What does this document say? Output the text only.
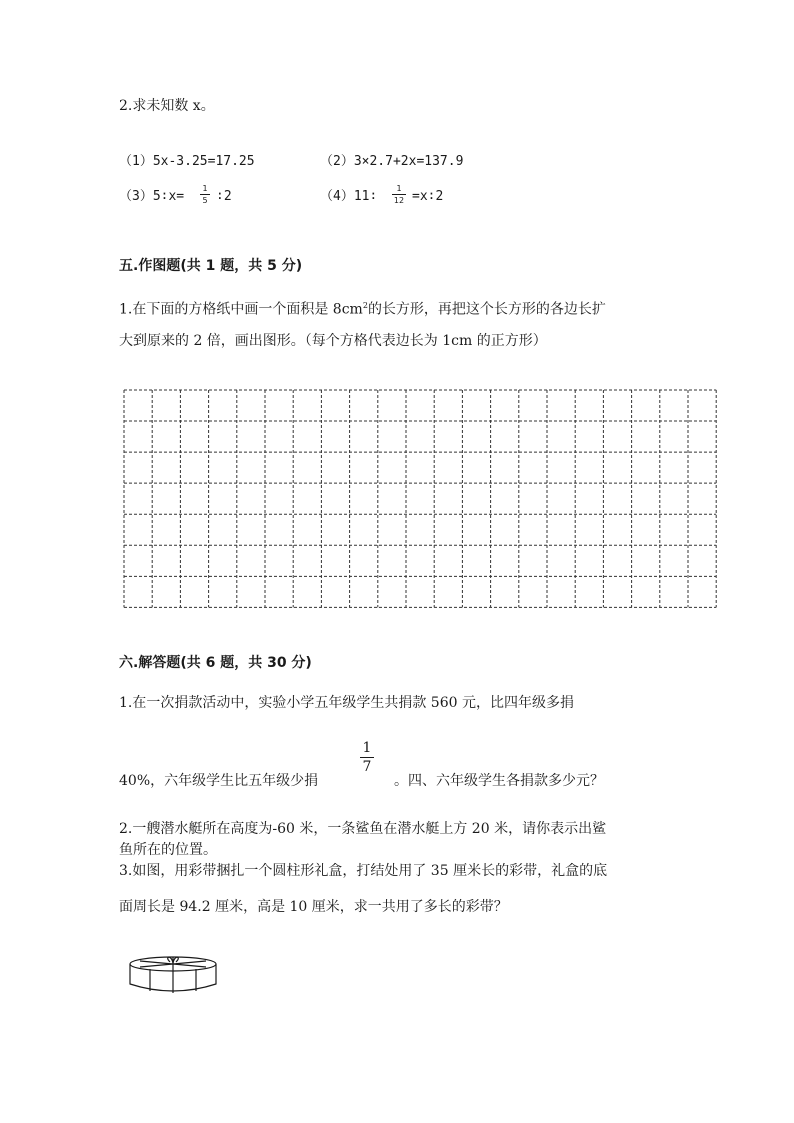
2.求未知数 x。
（1）5x-3.25=17.25	（2）3×2.7+2x=137.9
（3）5∶x=
1
5 ∶2	（4）11∶
1
12 =x∶2
五.作图题(共 1 题，共 5 分)
1.在下面的方格纸中画一个面积是 $8cm^2$的长方形，再把这个长方形的各边长扩
大到原来的 2 倍，画出图形。（每个方格代表边长为 1cm 的正方形）
六.解答题(共 6 题，共 30 分)
1.在一次捐款活动中，实验小学五年级学生共捐款 560 元，比四年级多捐
40%，六年级学生比五年级少捐
1
7
。四、六年级学生各捐款多少元？
2.一艘潜水艇所在高度为-60 米，一条鲨鱼在潜水艇上方 20 米，请你表示出鲨
鱼所在的位置。
3.如图，用彩带捆扎一个圆柱形礼盒，打结处用了 35 厘米长的彩带，礼盒的底
面周长是 94.2 厘米，高是 10 厘米，求一共用了多长的彩带？
